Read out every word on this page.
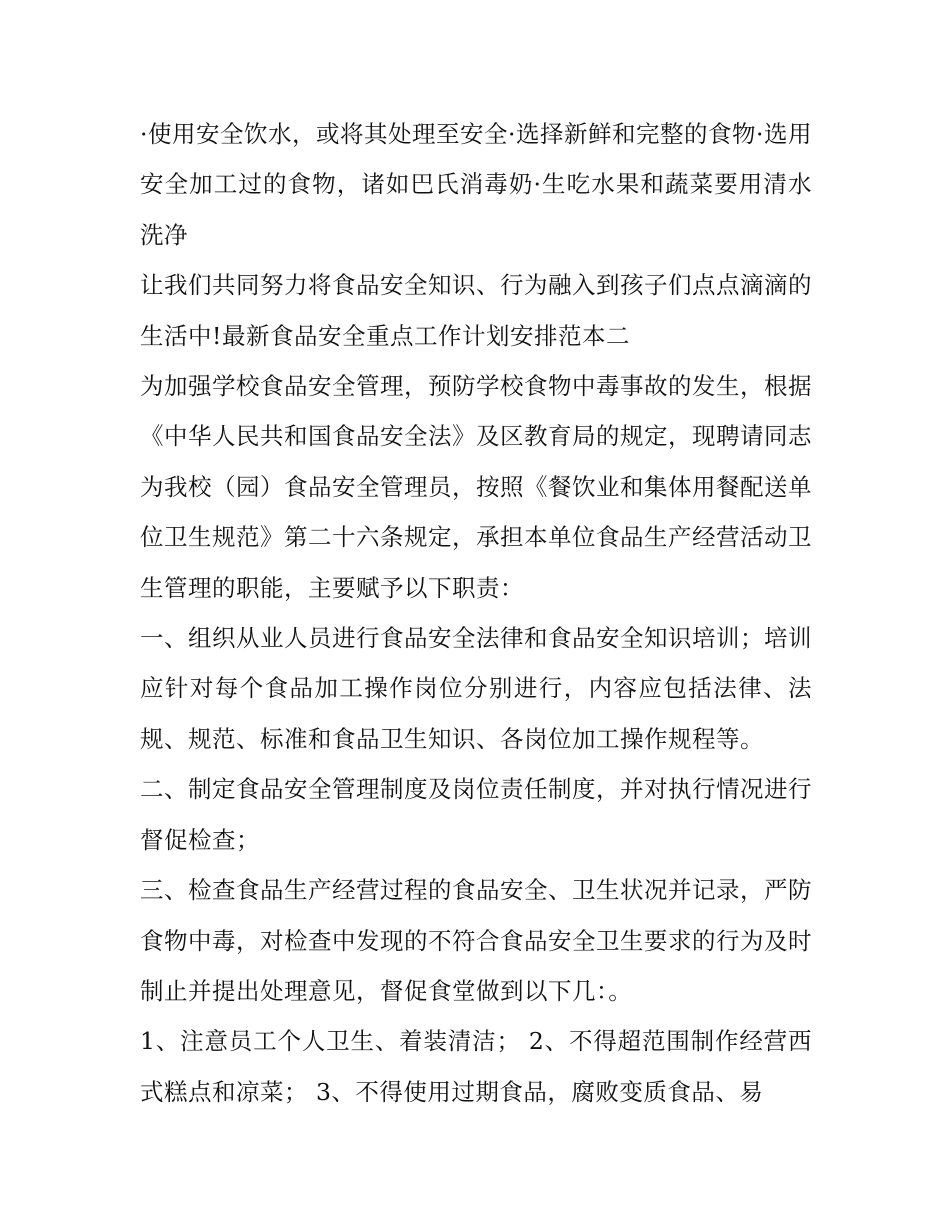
·使用安全饮水，或将其处理至安全·选择新鲜和完整的食物·选用安全加工过的食物，诸如巴氏消毒奶·生吃水果和蔬菜要用清水洗净

让我们共同努力将食品安全知识、行为融入到孩子们点点滴滴的生活中!最新食品安全重点工作计划安排范本二

为加强学校食品安全管理，预防学校食物中毒事故的发生，根据《中华人民共和国食品安全法》及区教育局的规定，现聘请同志为我校（园）食品安全管理员，按照《餐饮业和集体用餐配送单位卫生规范》第二十六条规定，承担本单位食品生产经营活动卫生管理的职能，主要赋予以下职责：

一、组织从业人员进行食品安全法律和食品安全知识培训；培训应针对每个食品加工操作岗位分别进行，内容应包括法律、法规、规范、标准和食品卫生知识、各岗位加工操作规程等。

二、制定食品安全管理制度及岗位责任制度，并对执行情况进行督促检查；

三、检查食品生产经营过程的食品安全、卫生状况并记录，严防食物中毒，对检查中发现的不符合食品安全卫生要求的行为及时制止并提出处理意见，督促食堂做到以下几：。

1、注意员工个人卫生、着装清洁； 2、不得超范围制作经营西式糕点和凉菜； 3、不得使用过期食品，腐败变质食品、易
